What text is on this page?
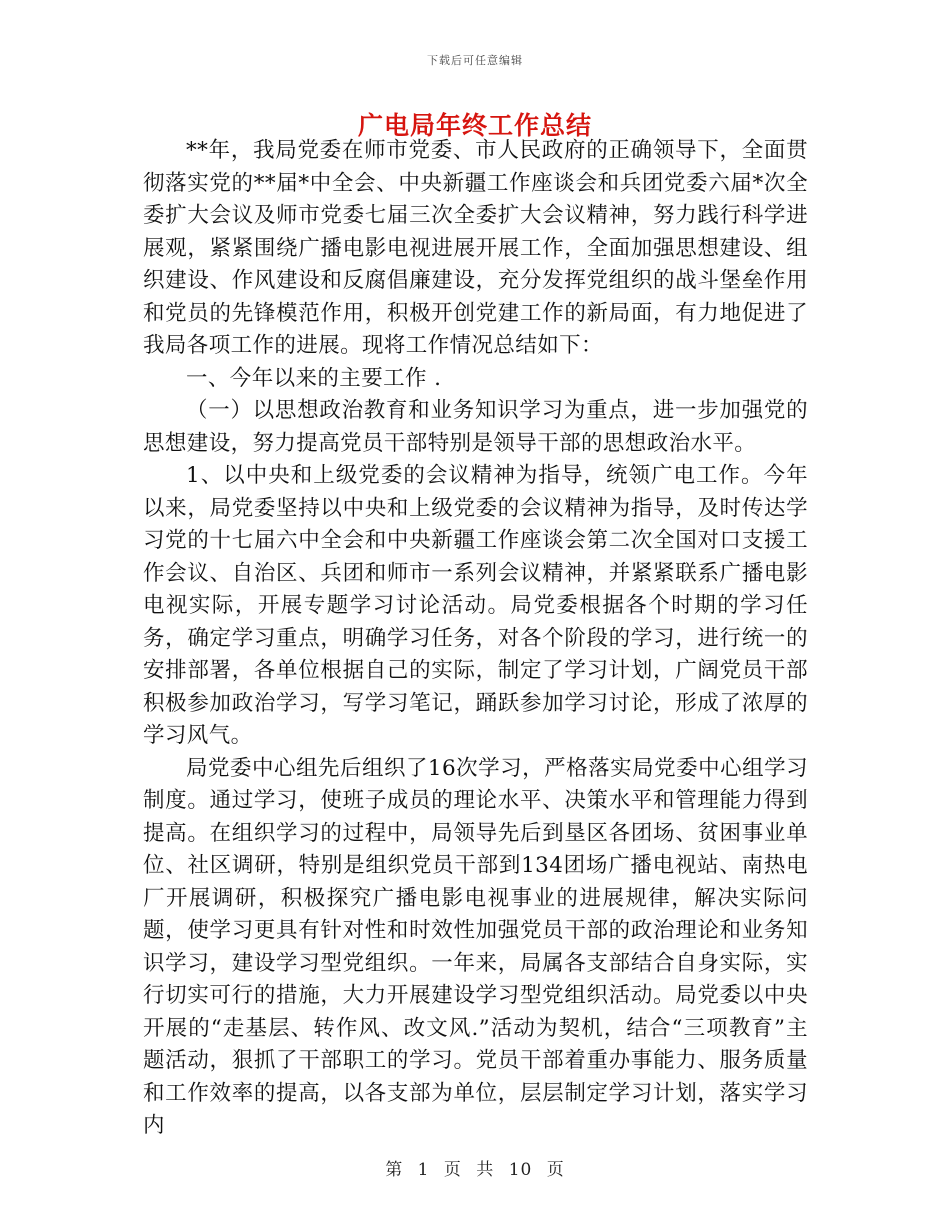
下载后可任意编辑
广电局年终工作总结

**年，我局党委在师市党委、市人民政府的正确领导下，全面贯彻落实党的**届*中全会、中央新疆工作座谈会和兵团党委六届*次全委扩大会议及师市党委七届三次全委扩大会议精神，努力践行科学进展观，紧紧围绕广播电影电视进展开展工作，全面加强思想建设、组织建设、作风建设和反腐倡廉建设，充分发挥党组织的战斗堡垒作用和党员的先锋模范作用，积极开创党建工作的新局面，有力地促进了我局各项工作的进展。现将工作情况总结如下：

一、今年以来的主要工作 .

（一）以思想政治教育和业务知识学习为重点，进一步加强党的思想建设，努力提高党员干部特别是领导干部的思想政治水平。

1、以中央和上级党委的会议精神为指导，统领广电工作。今年以来，局党委坚持以中央和上级党委的会议精神为指导，及时传达学习党的十七届六中全会和中央新疆工作座谈会第二次全国对口支援工作会议、自治区、兵团和师市一系列会议精神，并紧紧联系广播电影电视实际，开展专题学习讨论活动。局党委根据各个时期的学习任务，确定学习重点，明确学习任务，对各个阶段的学习，进行统一的安排部署，各单位根据自己的实际，制定了学习计划，广阔党员干部积极参加政治学习，写学习笔记，踊跃参加学习讨论，形成了浓厚的学习风气。

局党委中心组先后组织了16次学习，严格落实局党委中心组学习制度。通过学习，使班子成员的理论水平、决策水平和管理能力得到提高。在组织学习的过程中，局领导先后到垦区各团场、贫困事业单位、社区调研，特别是组织党员干部到134团场广播电视站、南热电厂开展调研，积极探究广播电影电视事业的进展规律，解决实际问题，使学习更具有针对性和时效性加强党员干部的政治理论和业务知识学习，建设学习型党组织。一年来，局属各支部结合自身实际，实行切实可行的措施，大力开展建设学习型党组织活动。局党委以中央开展的“走基层、转作风、改文风.”活动为契机，结合“三项教育”主题活动，狠抓了干部职工的学习。党员干部着重办事能力、服务质量和工作效率的提高，以各支部为单位，层层制定学习计划，落实学习内

第 1 页 共 10 页
